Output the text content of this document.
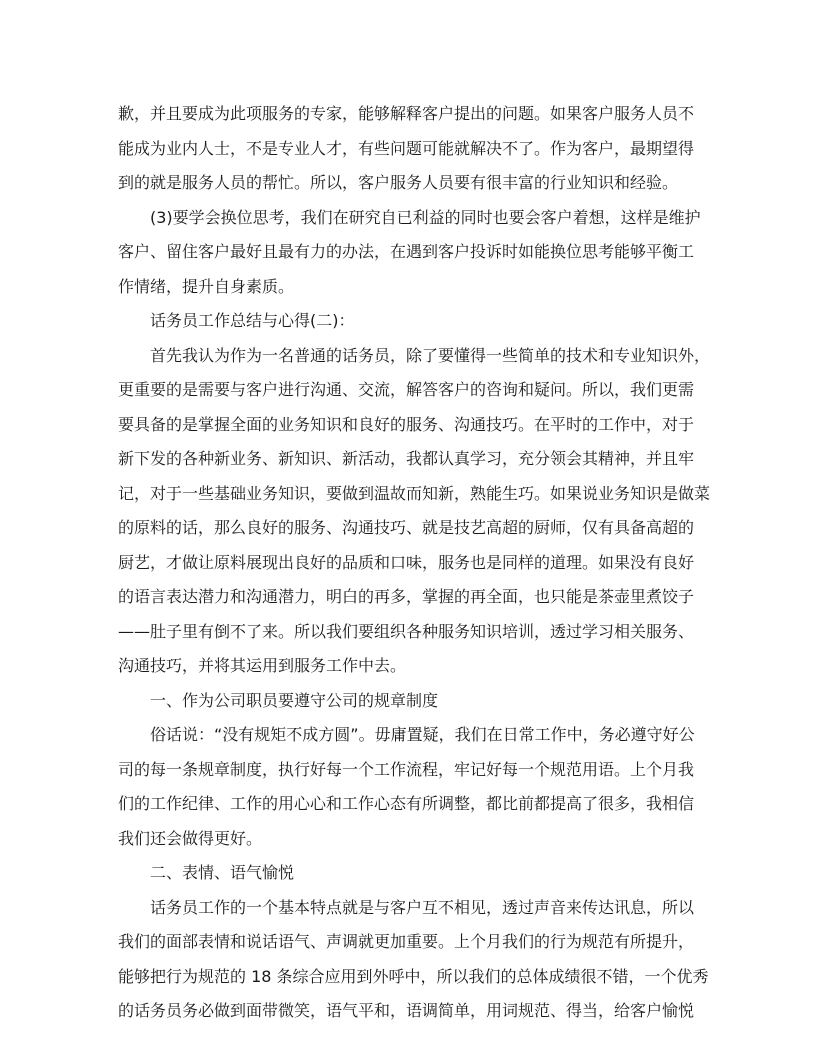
歉，并且要成为此项服务的专家，能够解释客户提出的问题。如果客户服务人员不
能成为业内人士，不是专业人才，有些问题可能就解决不了。作为客户，最期望得
到的就是服务人员的帮忙。所以，客户服务人员要有很丰富的行业知识和经验。
(3)要学会换位思考，我们在研究自已利益的同时也要会客户着想，这样是维护
客户、留住客户最好且最有力的办法，在遇到客户投诉时如能换位思考能够平衡工
作情绪，提升自身素质。
话务员工作总结与心得(二)：
首先我认为作为一名普通的话务员，除了要懂得一些简单的技术和专业知识外，
更重要的是需要与客户进行沟通、交流，解答客户的咨询和疑问。所以，我们更需
要具备的是掌握全面的业务知识和良好的服务、沟通技巧。在平时的工作中，对于
新下发的各种新业务、新知识、新活动，我都认真学习，充分领会其精神，并且牢
记，对于一些基础业务知识，要做到温故而知新，熟能生巧。如果说业务知识是做菜
的原料的话，那么良好的服务、沟通技巧、就是技艺高超的厨师，仅有具备高超的
厨艺，才做让原料展现出良好的品质和口味，服务也是同样的道理。如果没有良好
的语言表达潜力和沟通潜力，明白的再多，掌握的再全面，也只能是茶壶里煮饺子
——肚子里有倒不了来。所以我们要组织各种服务知识培训，透过学习相关服务、
沟通技巧，并将其运用到服务工作中去。
一、作为公司职员要遵守公司的规章制度
俗话说：“没有规矩不成方圆”。毋庸置疑，我们在日常工作中，务必遵守好公
司的每一条规章制度，执行好每一个工作流程，牢记好每一个规范用语。上个月我
们的工作纪律、工作的用心心和工作心态有所调整，都比前都提高了很多，我相信
我们还会做得更好。
二、表情、语气愉悦
话务员工作的一个基本特点就是与客户互不相见，透过声音来传达讯息，所以
我们的面部表情和说话语气、声调就更加重要。上个月我们的行为规范有所提升，
能够把行为规范的 18 条综合应用到外呼中，所以我们的总体成绩很不错，一个优秀
的话务员务必做到面带微笑，语气平和，语调简单，用词规范、得当，给客户愉悦
